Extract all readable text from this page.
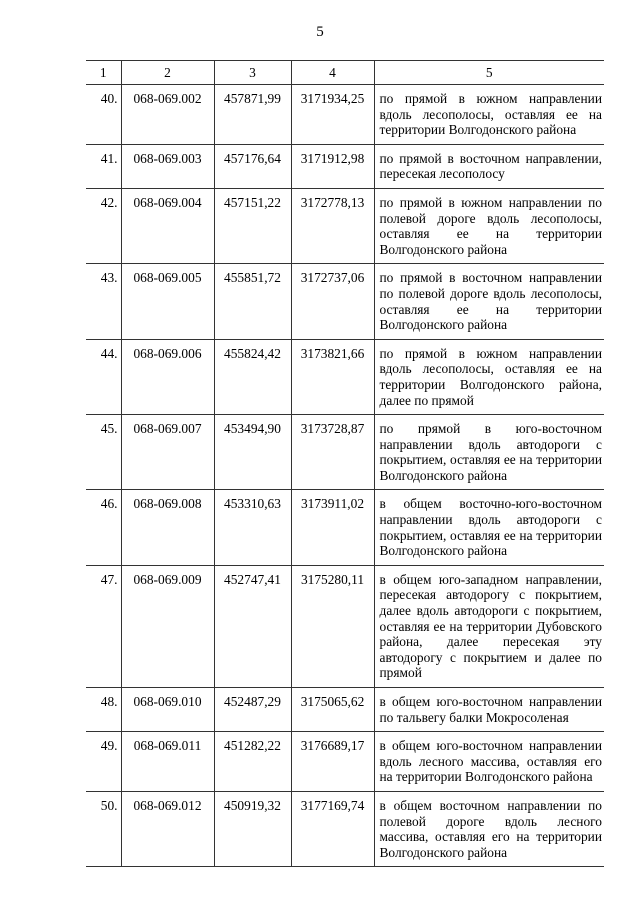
5
1	2	3	4	5
40.	068-069.002	457871,99	3171934,25	по прямой в южном направлении вдоль лесополосы, оставляя ее на территории Волгодонского района
41.	068-069.003	457176,64	3171912,98	по прямой в восточном направлении, пересекая лесополосу
42.	068-069.004	457151,22	3172778,13	по прямой в южном направлении по полевой дороге вдоль лесополосы, оставляя ее на территории Волгодонского района
43.	068-069.005	455851,72	3172737,06	по прямой в восточном направлении по полевой дороге вдоль лесополосы, оставляя ее на территории Волгодонского района
44.	068-069.006	455824,42	3173821,66	по прямой в южном направлении вдоль лесополосы, оставляя ее на территории Волгодонского района, далее по прямой
45.	068-069.007	453494,90	3173728,87	по прямой в юго-восточном направлении вдоль автодороги с покрытием, оставляя ее на территории Волгодонского района
46.	068-069.008	453310,63	3173911,02	в общем восточно-юго-восточном направлении вдоль автодороги с покрытием, оставляя ее на территории Волгодонского района
47.	068-069.009	452747,41	3175280,11	в общем юго-западном направлении, пересекая автодорогу с покрытием, далее вдоль автодороги с покрытием, оставляя ее на территории Дубовского района, далее пересекая эту автодорогу с покрытием и далее по прямой
48.	068-069.010	452487,29	3175065,62	в общем юго-восточном направлении по тальвегу балки Мокросоленая
49.	068-069.011	451282,22	3176689,17	в общем юго-восточном направлении вдоль лесного массива, оставляя его на территории Волгодонского района
50.	068-069.012	450919,32	3177169,74	в общем восточном направлении по полевой дороге вдоль лесного массива, оставляя его на территории Волгодонского района
